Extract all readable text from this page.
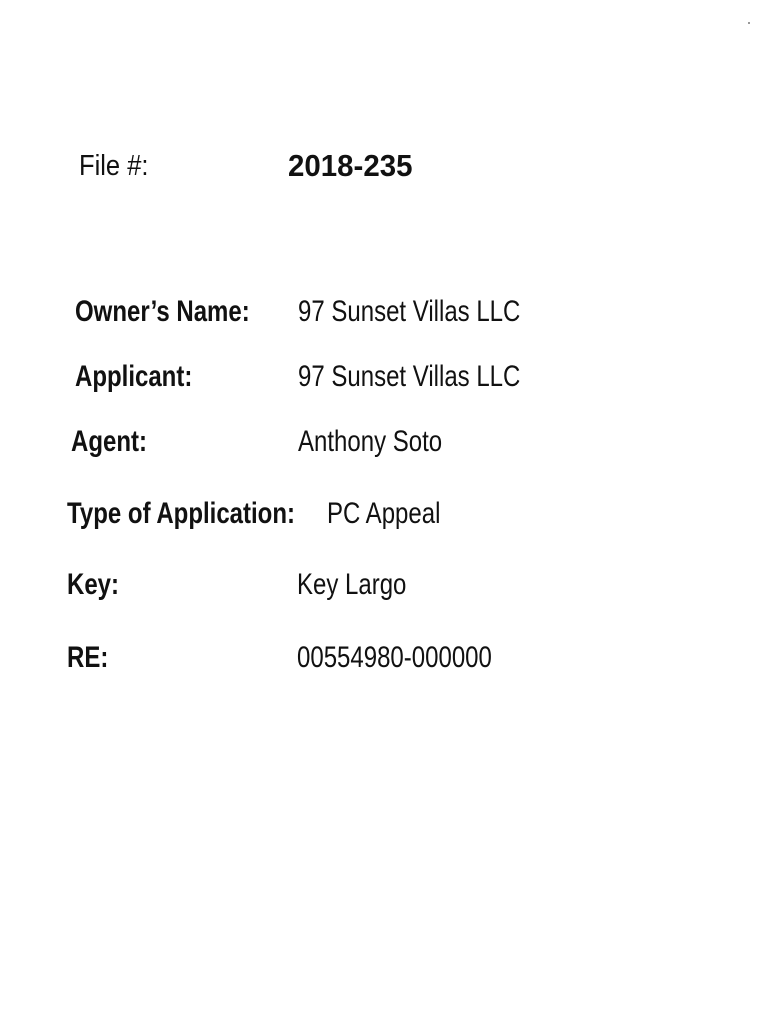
File #:	2018-235
Owner’s Name: 97 Sunset Villas LLC
Applicant:	97 Sunset Villas LLC
Agent:	Anthony Soto
Type of Application: PC Appeal
Key:	Key Largo
RE:	00554980-000000
